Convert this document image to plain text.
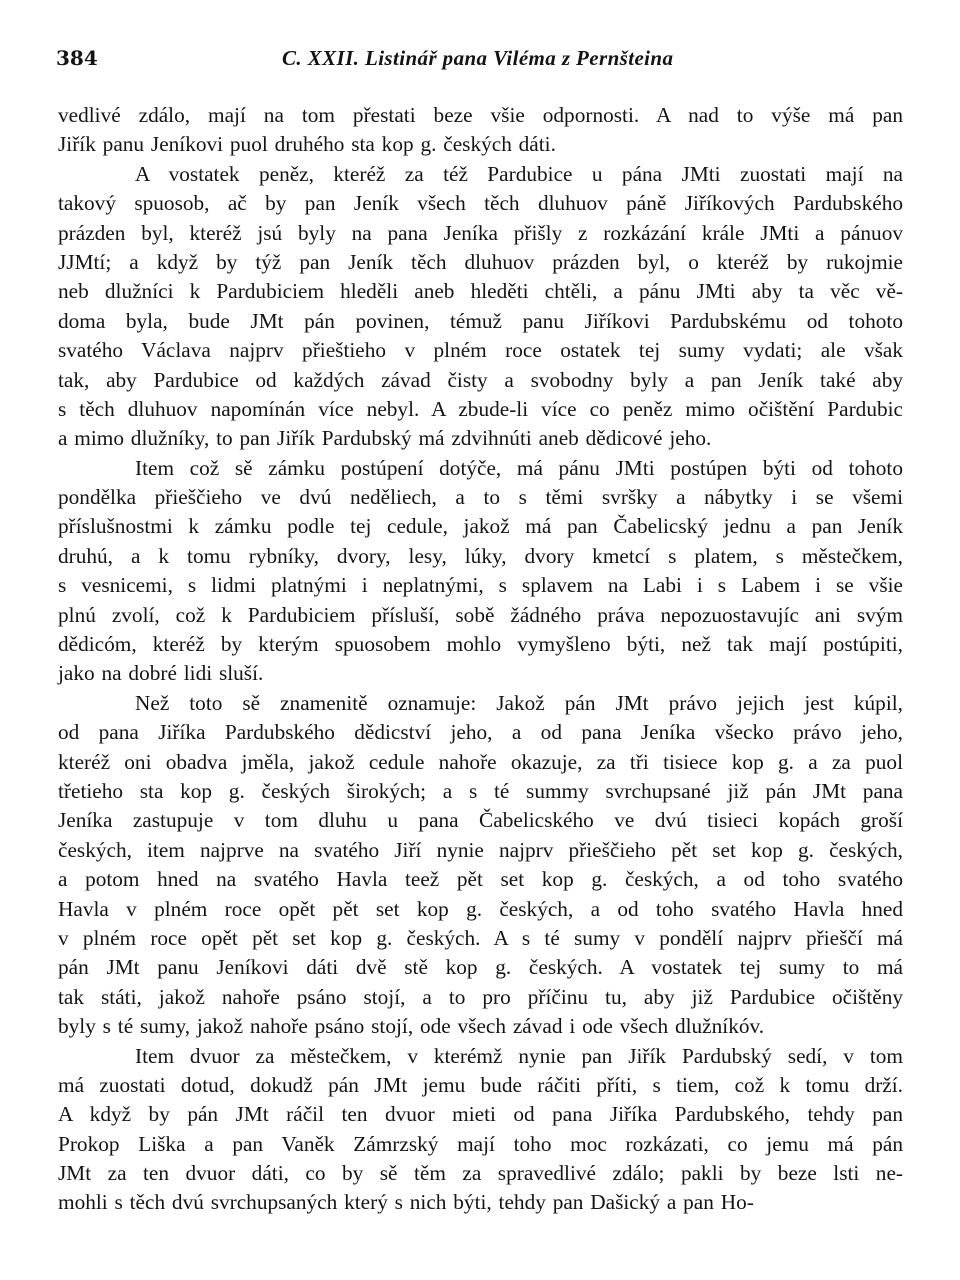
384	C. XXII. Listinář pana Viléma z Pernšteina
vedlivé zdálo, mají na tom přestati beze všie odpornosti. A nad to výše má pan
Jiřík panu Jeníkovi puol druhého sta kop g. českých dáti.
A vostatek peněz, kteréž za též Pardubice u pána JMti zuostati mají na
takový spuosob, ač by pan Jeník všech těch dluhuov páně Jiříkových Pardubského
prázden byl, kteréž jsú byly na pana Jeníka přišly z rozkázání krále JMti a pánuov
JJMtí; a když by týž pan Jeník těch dluhuov prázden byl, o kteréž by rukojmie
neb dlužníci k Pardubiciem hleděli aneb hleděti chtěli, a pánu JMti aby ta věc vě-
doma byla, bude JMt pán povinen, témuž panu Jiříkovi Pardubskému od tohoto
svatého Václava najprv přieštieho v plném roce ostatek tej sumy vydati; ale však
tak, aby Pardubice od každých závad čisty a svobodny byly a pan Jeník také aby
s těch dluhuov napomínán více nebyl. A zbude-li více co peněz mimo očištění Pardubic
a mimo dlužníky, to pan Jiřík Pardubský má zdvihnúti aneb dědicové jeho.
Item což sě zámku postúpení dotýče, má pánu JMti postúpen býti od tohoto
pondělka přieščieho ve dvú neděliech, a to s těmi svršky a nábytky i se všemi
příslušnostmi k zámku podle tej cedule, jakož má pan Čabelicský jednu a pan Jeník
druhú, a k tomu rybníky, dvory, lesy, lúky, dvory kmetcí s platem, s městečkem,
s vesnicemi, s lidmi platnými i neplatnými, s splavem na Labi i s Labem i se všie
plnú zvolí, což k Pardubiciem přísluší, sobě žádného práva nepozuostavujíc ani svým
dědicóm, kteréž by kterým spuosobem mohlo vymyšleno býti, než tak mají postúpiti,
jako na dobré lidi sluší.
Než toto sě znamenitě oznamuje: Jakož pán JMt právo jejich jest kúpil,
od pana Jiříka Pardubského dědicství jeho, a od pana Jeníka všecko právo jeho,
kteréž oni obadva jměla, jakož cedule nahoře okazuje, za tři tisiece kop g. a za puol
třetieho sta kop g. českých širokých; a s té summy svrchupsané již pán JMt pana
Jeníka zastupuje v tom dluhu u pana Čabelicského ve dvú tisieci kopách groší
českých, item najprve na svatého Jiří nynie najprv přieščieho pět set kop g. českých,
a potom hned na svatého Havla teež pět set kop g. českých, a od toho svatého
Havla v plném roce opět pět set kop g. českých, a od toho svatého Havla hned
v plném roce opět pět set kop g. českých. A s té sumy v pondělí najprv přieščí má
pán JMt panu Jeníkovi dáti dvě stě kop g. českých. A vostatek tej sumy to má
tak státi, jakož nahoře psáno stojí, a to pro příčinu tu, aby již Pardubice očištěny
byly s té sumy, jakož nahoře psáno stojí, ode všech závad i ode všech dlužníkóv.
Item dvuor za městečkem, v kterémž nynie pan Jiřík Pardubský sedí, v tom
má zuostati dotud, dokudž pán JMt jemu bude ráčiti příti, s tiem, což k tomu drží.
A když by pán JMt ráčil ten dvuor mieti od pana Jiříka Pardubského, tehdy pan
Prokop Liška a pan Vaněk Zámrzský mají toho moc rozkázati, co jemu má pán
JMt za ten dvuor dáti, co by sě těm za spravedlivé zdálo; pakli by beze lsti ne-
mohli s těch dvú svrchupsaných který s nich býti, tehdy pan Dašický a pan Ho-
